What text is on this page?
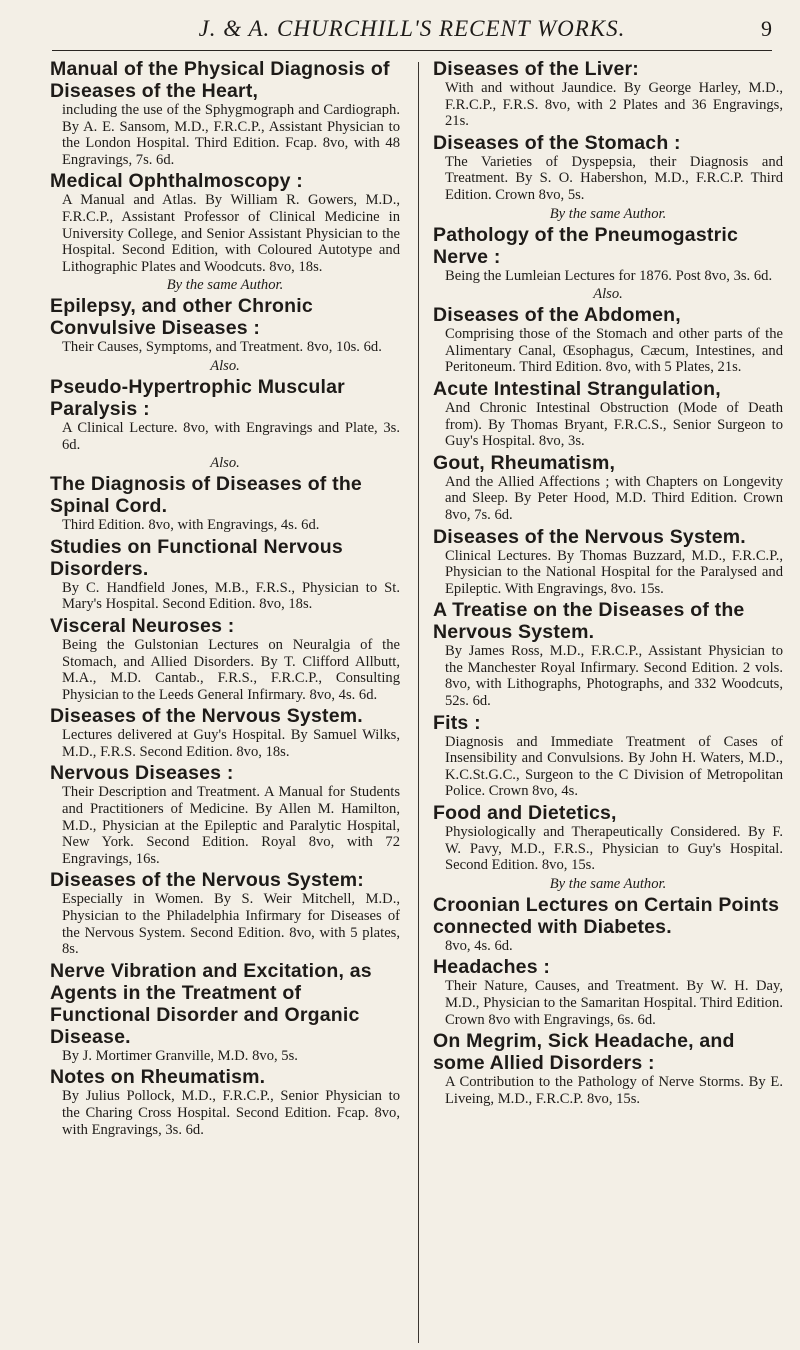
J. & A. CHURCHILL'S RECENT WORKS.	9
Manual of the Physical Diagnosis of Diseases of the Heart,
including the use of the Sphygmograph and Cardiograph. By A. E. Sansom, M.D., F.R.C.P., Assistant Physician to the London Hospital. Third Edition. Fcap. 8vo, with 48 Engravings, 7s. 6d.
Medical Ophthalmoscopy :
A Manual and Atlas. By William R. Gowers, M.D., F.R.C.P., Assistant Professor of Clinical Medicine in University College, and Senior Assistant Physician to the Hospital. Second Edition, with Coloured Autotype and Lithographic Plates and Woodcuts. 8vo, 18s.
By the same Author.
Epilepsy, and other Chronic Convulsive Diseases :
Their Causes, Symptoms, and Treatment. 8vo, 10s. 6d.
Also.
Pseudo-Hypertrophic Muscular Paralysis :
A Clinical Lecture. 8vo, with Engravings and Plate, 3s. 6d.
Also.
The Diagnosis of Diseases of the Spinal Cord.
Third Edition. 8vo, with Engravings, 4s. 6d.
Studies on Functional Nervous Disorders.
By C. Handfield Jones, M.B., F.R.S., Physician to St. Mary's Hospital. Second Edition. 8vo, 18s.
Visceral Neuroses :
Being the Gulstonian Lectures on Neuralgia of the Stomach, and Allied Disorders. By T. Clifford Allbutt, M.A., M.D. Cantab., F.R.S., F.R.C.P., Consulting Physician to the Leeds General Infirmary. 8vo, 4s. 6d.
Diseases of the Nervous System.
Lectures delivered at Guy's Hospital. By Samuel Wilks, M.D., F.R.S. Second Edition. 8vo, 18s.
Nervous Diseases :
Their Description and Treatment. A Manual for Students and Practitioners of Medicine. By Allen M. Hamilton, M.D., Physician at the Epileptic and Paralytic Hospital, New York. Second Edition. Royal 8vo, with 72 Engravings, 16s.
Diseases of the Nervous System:
Especially in Women. By S. Weir Mitchell, M.D., Physician to the Philadelphia Infirmary for Diseases of the Nervous System. Second Edition. 8vo, with 5 plates, 8s.
Nerve Vibration and Excitation, as Agents in the Treatment of Functional Disorder and Organic Disease.
By J. Mortimer Granville, M.D. 8vo, 5s.
Notes on Rheumatism.
By Julius Pollock, M.D., F.R.C.P., Senior Physician to the Charing Cross Hospital. Second Edition. Fcap. 8vo, with Engravings, 3s. 6d.
Diseases of the Liver:
With and without Jaundice. By George Harley, M.D., F.R.C.P., F.R.S. 8vo, with 2 Plates and 36 Engravings, 21s.
Diseases of the Stomach :
The Varieties of Dyspepsia, their Diagnosis and Treatment. By S. O. Habershon, M.D., F.R.C.P. Third Edition. Crown 8vo, 5s.
By the same Author.
Pathology of the Pneumogastric Nerve :
Being the Lumleian Lectures for 1876. Post 8vo, 3s. 6d.
Also.
Diseases of the Abdomen,
Comprising those of the Stomach and other parts of the Alimentary Canal, Œsophagus, Cæcum, Intestines, and Peritoneum. Third Edition. 8vo, with 5 Plates, 21s.
Acute Intestinal Strangulation,
And Chronic Intestinal Obstruction (Mode of Death from). By Thomas Bryant, F.R.C.S., Senior Surgeon to Guy's Hospital. 8vo, 3s.
Gout, Rheumatism,
And the Allied Affections ; with Chapters on Longevity and Sleep. By Peter Hood, M.D. Third Edition. Crown 8vo, 7s. 6d.
Diseases of the Nervous System.
Clinical Lectures. By Thomas Buzzard, M.D., F.R.C.P., Physician to the National Hospital for the Paralysed and Epileptic. With Engravings, 8vo. 15s.
A Treatise on the Diseases of the Nervous System.
By James Ross, M.D., F.R.C.P., Assistant Physician to the Manchester Royal Infirmary. Second Edition. 2 vols. 8vo, with Lithographs, Photographs, and 332 Woodcuts, 52s. 6d.
Fits :
Diagnosis and Immediate Treatment of Cases of Insensibility and Convulsions. By John H. Waters, M.D., K.C.St.G.C., Surgeon to the C Division of Metropolitan Police. Crown 8vo, 4s.
Food and Dietetics,
Physiologically and Therapeutically Considered. By F. W. Pavy, M.D., F.R.S., Physician to Guy's Hospital. Second Edition. 8vo, 15s.
By the same Author.
Croonian Lectures on Certain Points connected with Diabetes.
8vo, 4s. 6d.
Headaches :
Their Nature, Causes, and Treatment. By W. H. Day, M.D., Physician to the Samaritan Hospital. Third Edition. Crown 8vo with Engravings, 6s. 6d.
On Megrim, Sick Headache, and some Allied Disorders :
A Contribution to the Pathology of Nerve Storms. By E. Liveing, M.D., F.R.C.P. 8vo, 15s.
